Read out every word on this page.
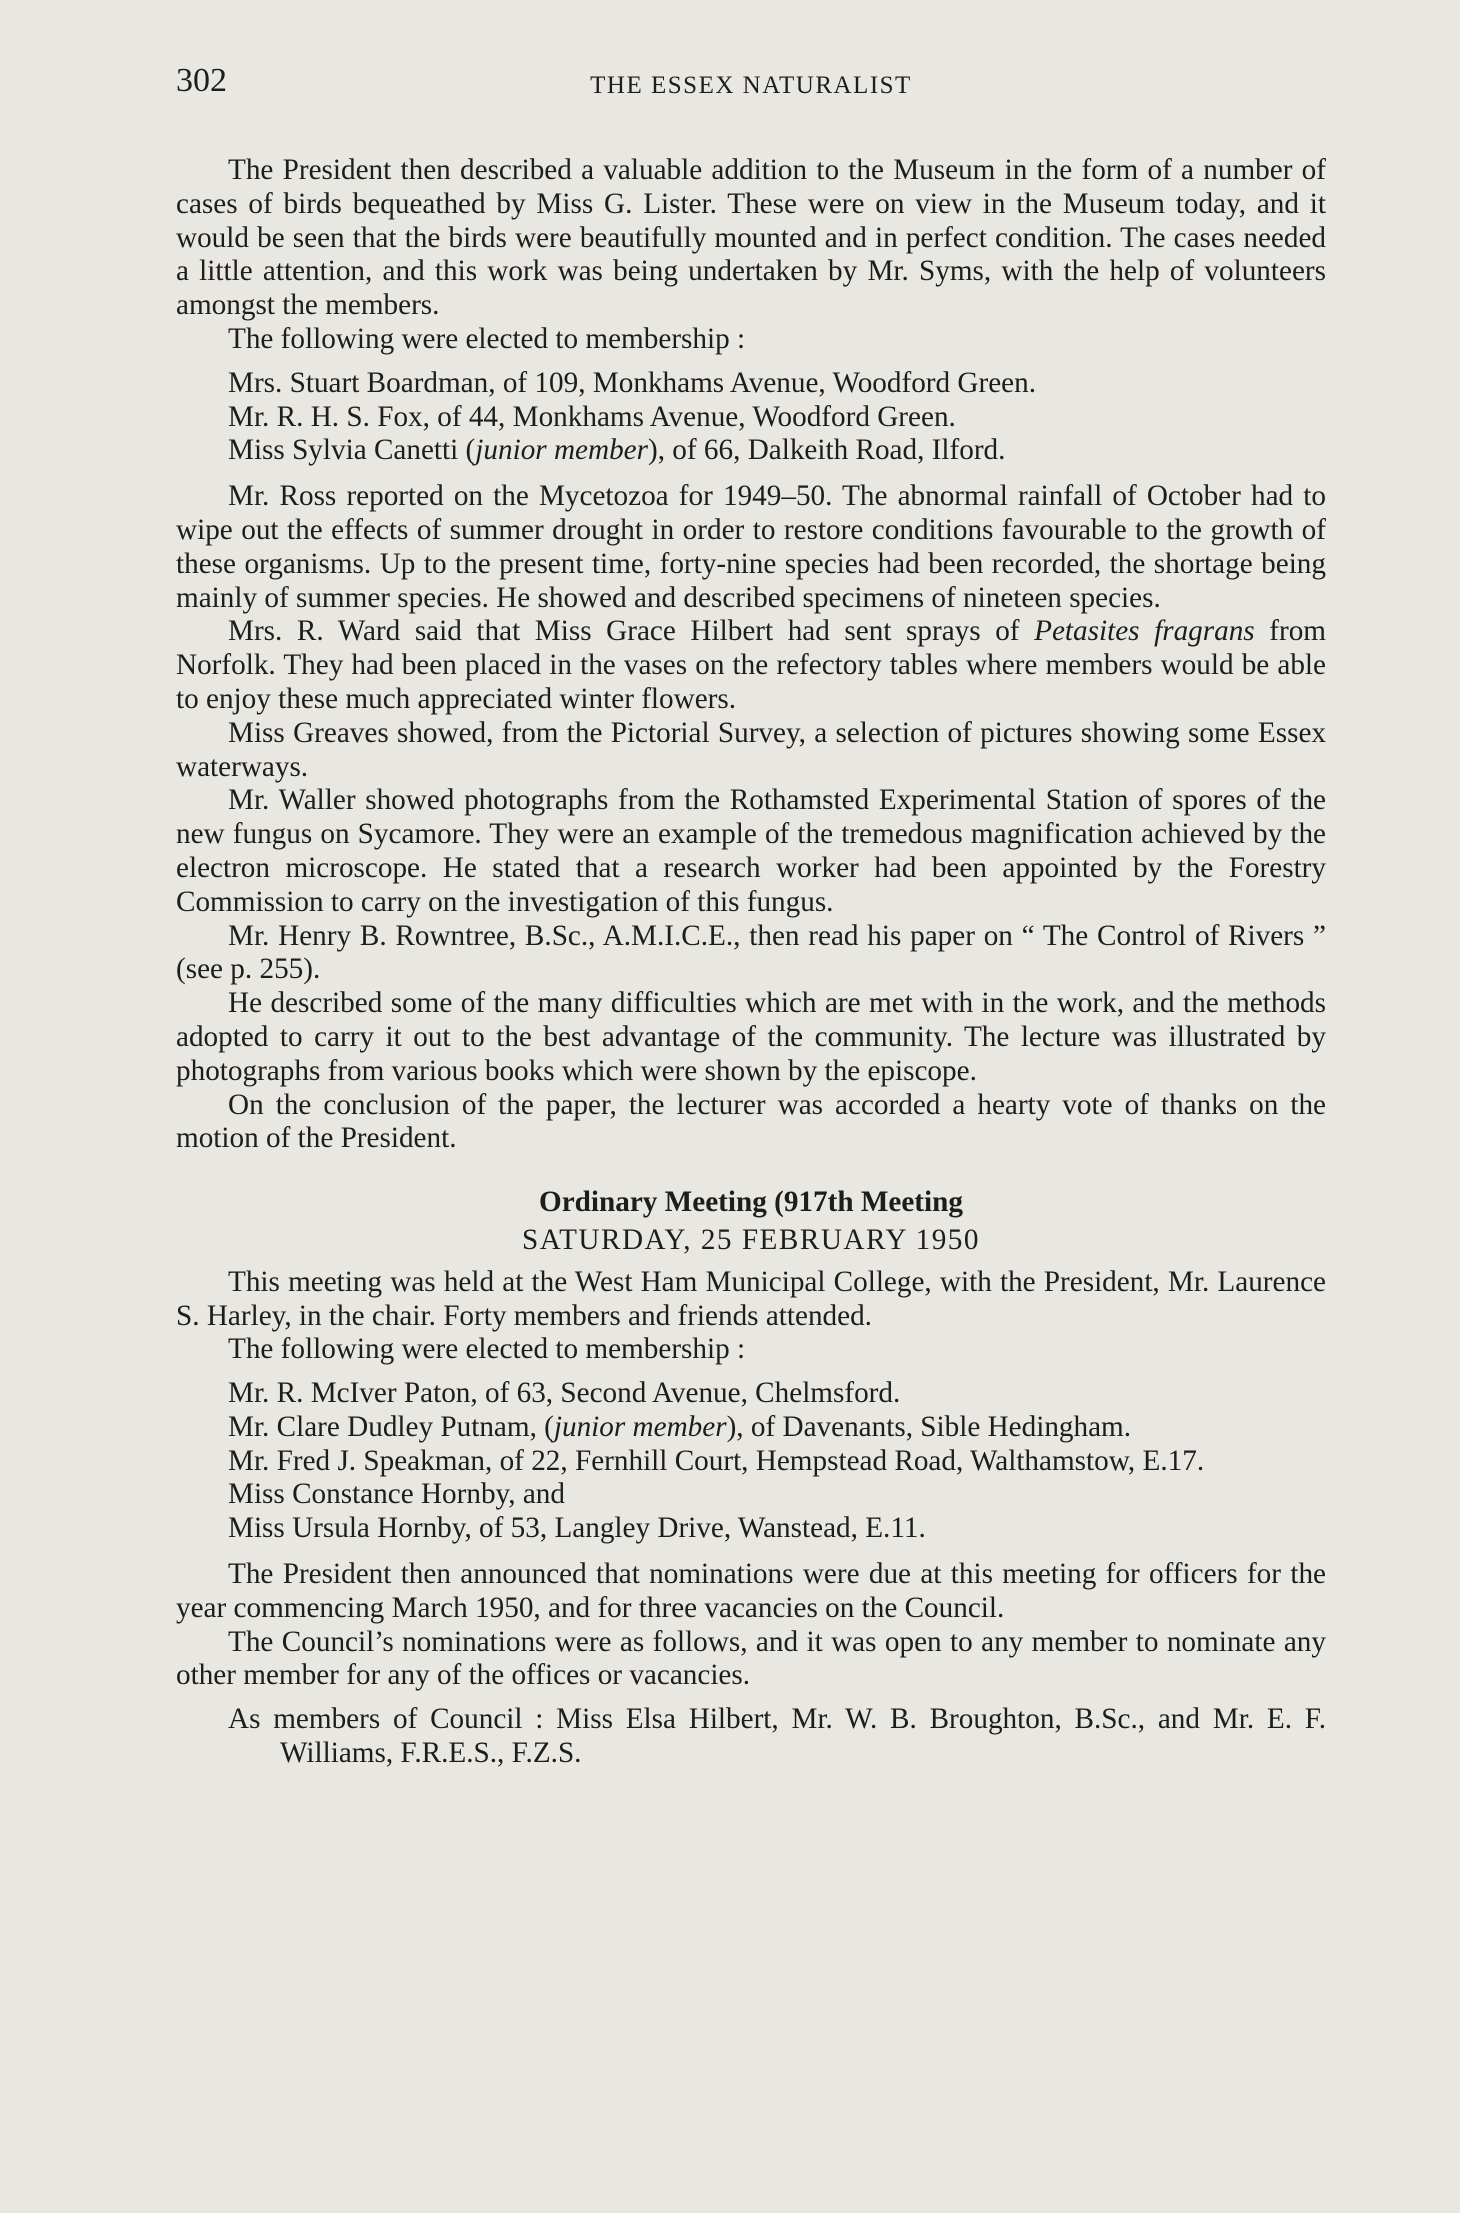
302	THE ESSEX NATURALIST

The President then described a valuable addition to the Museum in the form of a number of cases of birds bequeathed by Miss G. Lister. These were on view in the Museum today, and it would be seen that the birds were beautifully mounted and in perfect condition. The cases needed a little attention, and this work was being undertaken by Mr. Syms, with the help of volunteers amongst the members.

The following were elected to membership :

Mrs. Stuart Boardman, of 109, Monkhams Avenue, Woodford Green.
Mr. R. H. S. Fox, of 44, Monkhams Avenue, Woodford Green.
Miss Sylvia Canetti (junior member), of 66, Dalkeith Road, Ilford.

Mr. Ross reported on the Mycetozoa for 1949–50. The abnormal rainfall of October had to wipe out the effects of summer drought in order to restore conditions favourable to the growth of these organisms. Up to the present time, forty-nine species had been recorded, the shortage being mainly of summer species. He showed and described specimens of nineteen species.

Mrs. R. Ward said that Miss Grace Hilbert had sent sprays of Petasites fragrans from Norfolk. They had been placed in the vases on the refectory tables where members would be able to enjoy these much appreciated winter flowers.

Miss Greaves showed, from the Pictorial Survey, a selection of pictures showing some Essex waterways.

Mr. Waller showed photographs from the Rothamsted Experimental Station of spores of the new fungus on Sycamore. They were an example of the tremedous magnification achieved by the electron microscope. He stated that a research worker had been appointed by the Forestry Commission to carry on the investigation of this fungus.

Mr. Henry B. Rowntree, B.Sc., A.M.I.C.E., then read his paper on “ The Control of Rivers ” (see p. 255).

He described some of the many difficulties which are met with in the work, and the methods adopted to carry it out to the best advantage of the community. The lecture was illustrated by photographs from various books which were shown by the episcope.

On the conclusion of the paper, the lecturer was accorded a hearty vote of thanks on the motion of the President.

Ordinary Meeting (917th Meeting
SATURDAY, 25 FEBRUARY 1950

This meeting was held at the West Ham Municipal College, with the President, Mr. Laurence S. Harley, in the chair. Forty members and friends attended.

The following were elected to membership :

Mr. R. McIver Paton, of 63, Second Avenue, Chelmsford.
Mr. Clare Dudley Putnam, (junior member), of Davenants, Sible Hedingham.
Mr. Fred J. Speakman, of 22, Fernhill Court, Hempstead Road, Walthamstow, E.17.
Miss Constance Hornby, and
Miss Ursula Hornby, of 53, Langley Drive, Wanstead, E.11.

The President then announced that nominations were due at this meeting for officers for the year commencing March 1950, and for three vacancies on the Council.

The Council’s nominations were as follows, and it was open to any member to nominate any other member for any of the offices or vacancies.

As members of Council : Miss Elsa Hilbert, Mr. W. B. Broughton, B.Sc., and Mr. E. F. Williams, F.R.E.S., F.Z.S.
